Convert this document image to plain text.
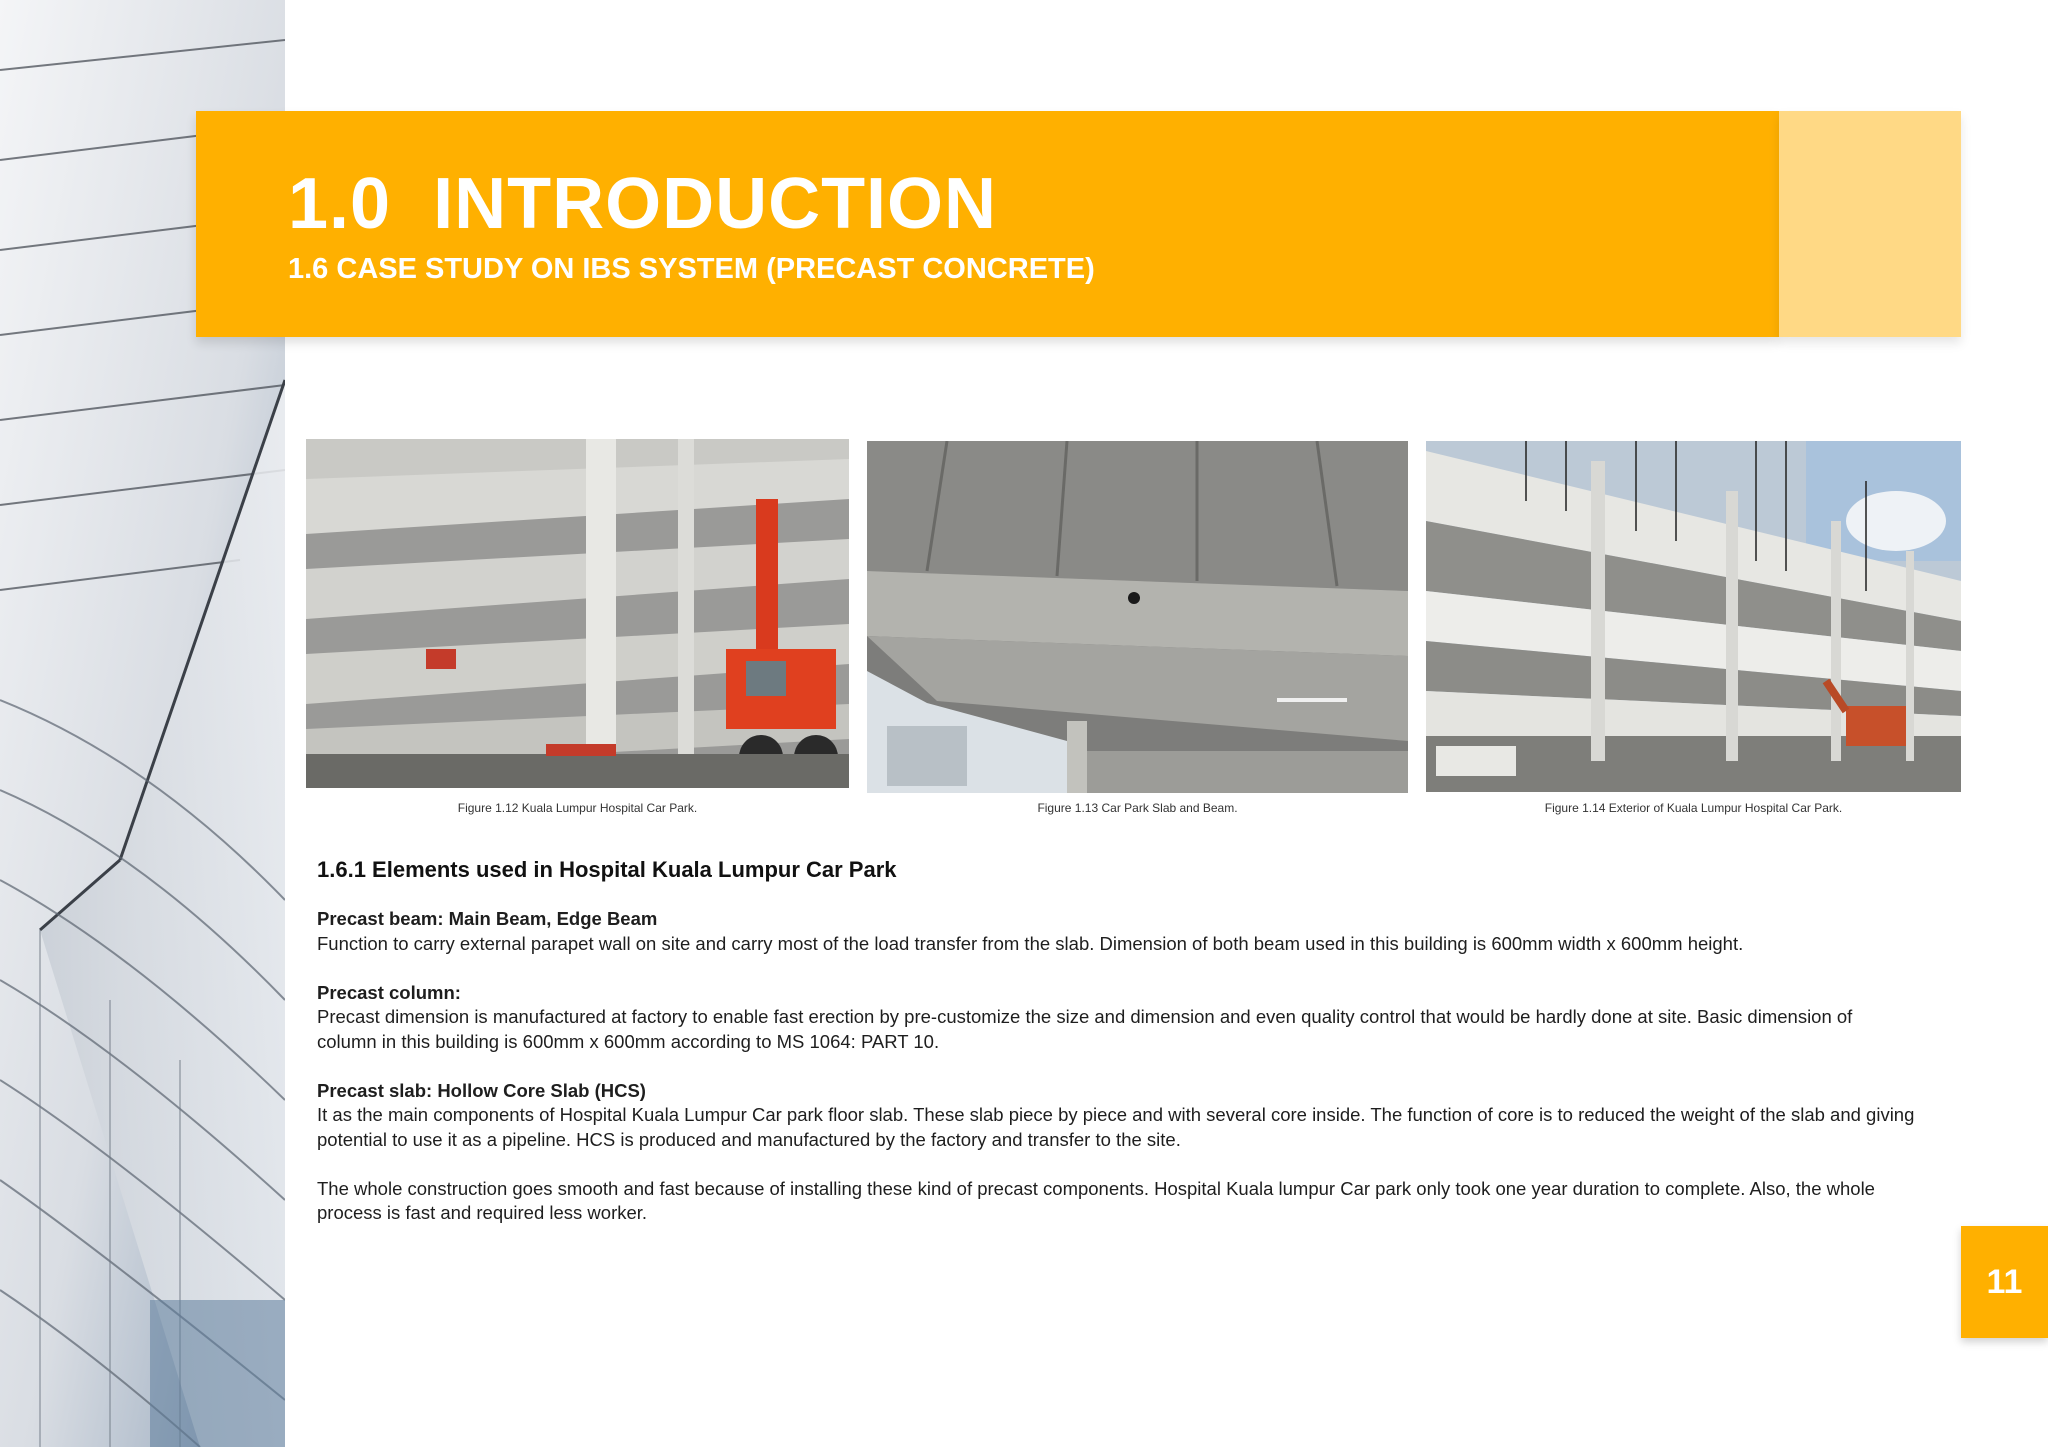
1.0  INTRODUCTION
1.6 CASE STUDY ON IBS SYSTEM (PRECAST CONCRETE)
Figure 1.12 Kuala Lumpur Hospital Car Park.	Figure 1.13 Car Park Slab and Beam.	Figure 1.14 Exterior of Kuala Lumpur Hospital Car Park.
1.6.1 Elements used in Hospital Kuala Lumpur Car Park

Precast beam: Main Beam, Edge Beam
Function to carry external parapet wall on site and carry most of the load transfer from the slab. Dimension of both beam used in this building is 600mm width x 600mm height.

Precast column:
Precast dimension is manufactured at factory to enable fast erection by pre-customize the size and dimension and even quality control that would be hardly done at site. Basic dimension of column in this building is 600mm x 600mm according to MS 1064: PART 10.

Precast slab: Hollow Core Slab (HCS)
It as the main components of Hospital Kuala Lumpur Car park floor slab. These slab piece by piece and with several core inside. The function of core is to reduced the weight of the slab and giving potential to use it as a pipeline. HCS is produced and manufactured by the factory and transfer to the site.

The whole construction goes smooth and fast because of installing these kind of precast components. Hospital Kuala lumpur Car park only took one year duration to complete. Also, the whole process is fast and required less worker.

11
